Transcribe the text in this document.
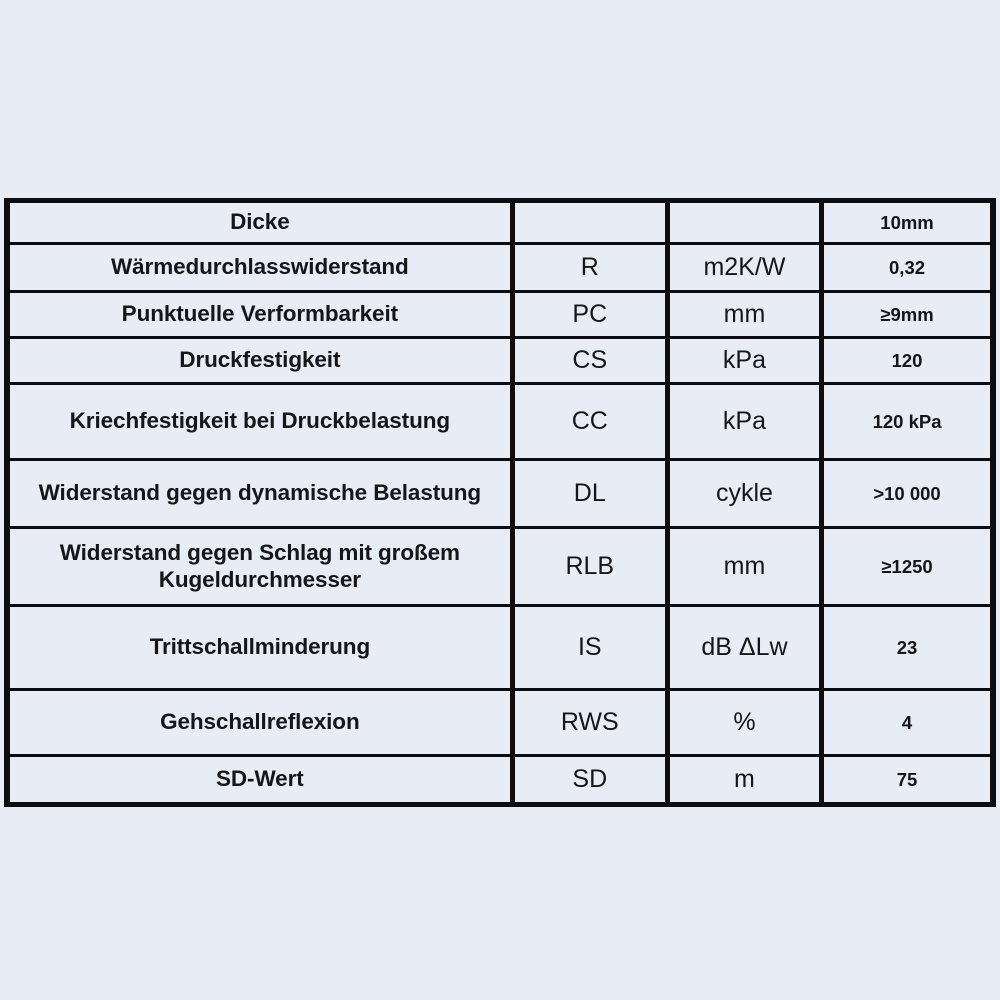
Dicke			10mm
Wärmedurchlasswiderstand	R	m2K/W	0,32
Punktuelle Verformbarkeit	PC	mm	≥9mm
Druckfestigkeit	CS	kPa	120
Kriechfestigkeit bei Druckbelastung	CC	kPa	120 kPa
Widerstand gegen dynamische Belastung	DL	cykle	>10 000
Widerstand gegen Schlag mit großem Kugeldurchmesser	RLB	mm	≥1250
Trittschallminderung	IS	dB ΔLw	23
Gehschallreflexion	RWS	%	4
SD-Wert	SD	m	75
